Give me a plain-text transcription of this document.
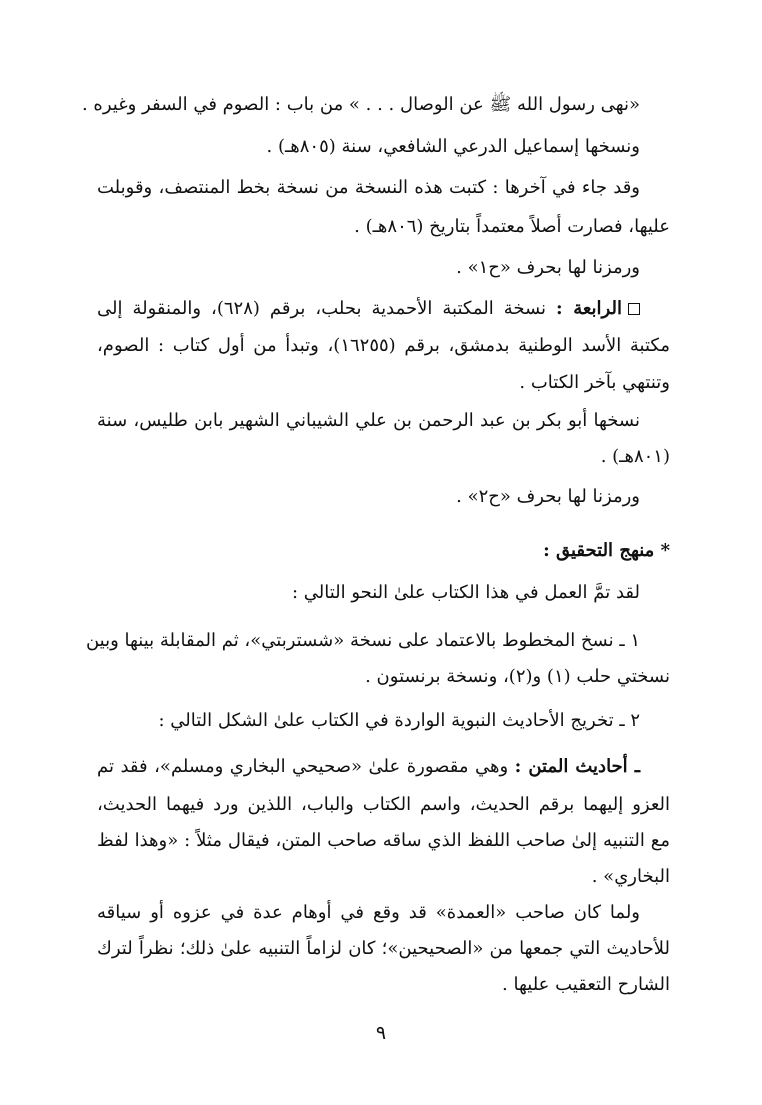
«نهى رسول الله ﷺ عن الوصال . . . » من باب : الصوم في السفر وغيره .
ونسخها إسماعيل الدرعي الشافعي، سنة (٨٠٥هـ) .
وقد جاء في آخرها : كتبت هذه النسخة من نسخة بخط المنتصف، وقوبلت
عليها، فصارت أصلاً معتمداً بتاريخ (٨٠٦هـ) .
ورمزنا لها بحرف «ح١» .
الرابعة : نسخة المكتبة الأحمدية بحلب، برقم (٦٢٨)، والمنقولة إلى
مكتبة الأسد الوطنية بدمشق، برقم (١٦٢٥٥)، وتبدأ من أول كتاب : الصوم،
وتنتهي بآخر الكتاب .
نسخها أبو بكر بن عبد الرحمن بن علي الشيباني الشهير بابن طليس، سنة
(٨٠١هـ) .
ورمزنا لها بحرف «ح٢» .
* منهج التحقيق :
لقد تمَّ العمل في هذا الكتاب علىٰ النحو التالي :
١ ـ نسخ المخطوط بالاعتماد على نسخة «شستربتي»، ثم المقابلة بينها وبين
نسختي حلب (١) و(٢)، ونسخة برنستون .
٢ ـ تخريج الأحاديث النبوية الواردة في الكتاب علىٰ الشكل التالي :
ـ أحاديث المتن : وهي مقصورة علىٰ «صحيحي البخاري ومسلم»، فقد تم
العزو إليهما برقم الحديث، واسم الكتاب والباب، اللذين ورد فيهما الحديث،
مع التنبيه إلىٰ صاحب اللفظ الذي ساقه صاحب المتن، فيقال مثلاً : «وهذا لفظ
البخاري» .
ولما كان صاحب «العمدة» قد وقع في أوهام عدة في عزوه أو سياقه
للأحاديث التي جمعها من «الصحيحين»؛ كان لزاماً التنبيه علىٰ ذلك؛ نظراً لترك
الشارح التعقيب عليها .
٩
